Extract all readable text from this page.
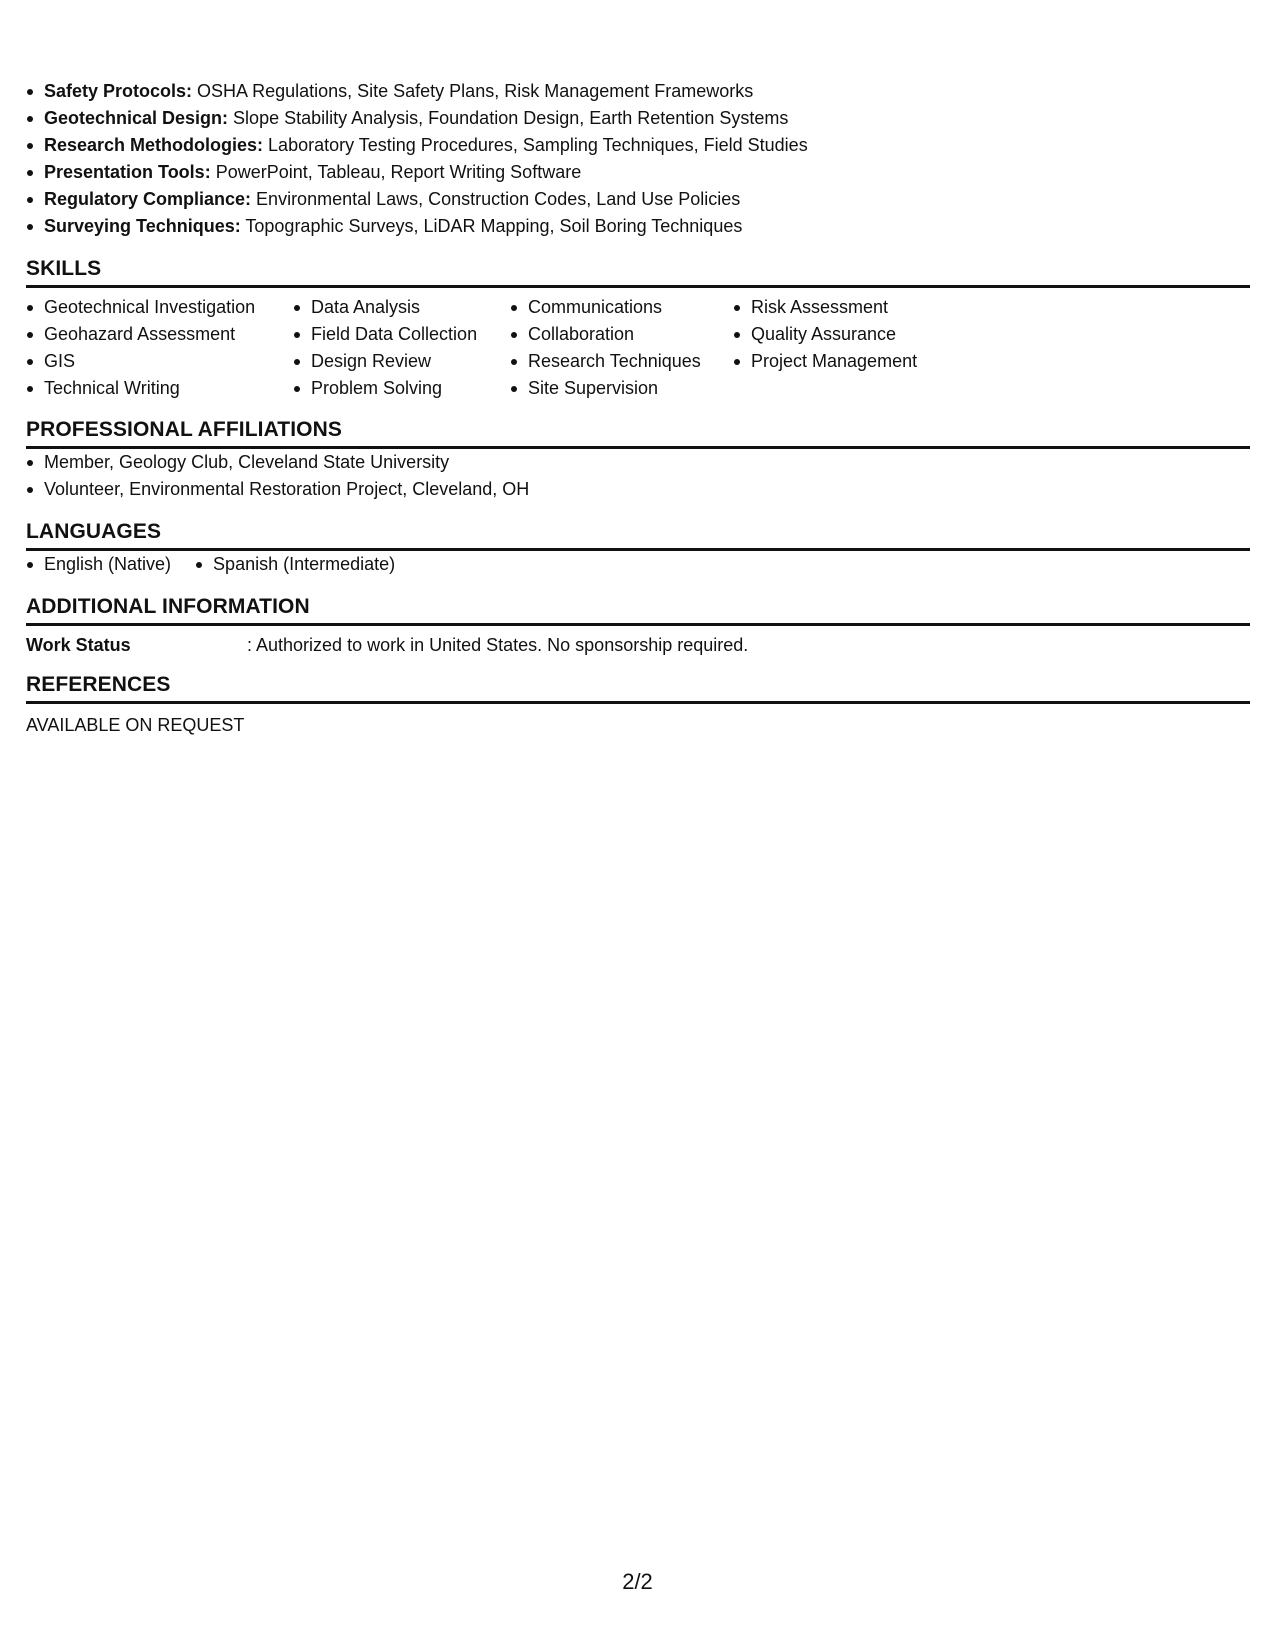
Safety Protocols: OSHA Regulations, Site Safety Plans, Risk Management Frameworks
Geotechnical Design: Slope Stability Analysis, Foundation Design, Earth Retention Systems
Research Methodologies: Laboratory Testing Procedures, Sampling Techniques, Field Studies
Presentation Tools: PowerPoint, Tableau, Report Writing Software
Regulatory Compliance: Environmental Laws, Construction Codes, Land Use Policies
Surveying Techniques: Topographic Surveys, LiDAR Mapping, Soil Boring Techniques
SKILLS
Geotechnical Investigation
Geohazard Assessment
GIS
Technical Writing
Data Analysis
Field Data Collection
Design Review
Problem Solving
Communications
Collaboration
Research Techniques
Site Supervision
Risk Assessment
Quality Assurance
Project Management
PROFESSIONAL AFFILIATIONS
Member, Geology Club, Cleveland State University
Volunteer, Environmental Restoration Project, Cleveland, OH
LANGUAGES
English (Native)	Spanish (Intermediate)
ADDITIONAL INFORMATION
Work Status	: Authorized to work in United States. No sponsorship required.
REFERENCES
AVAILABLE ON REQUEST
2/2
